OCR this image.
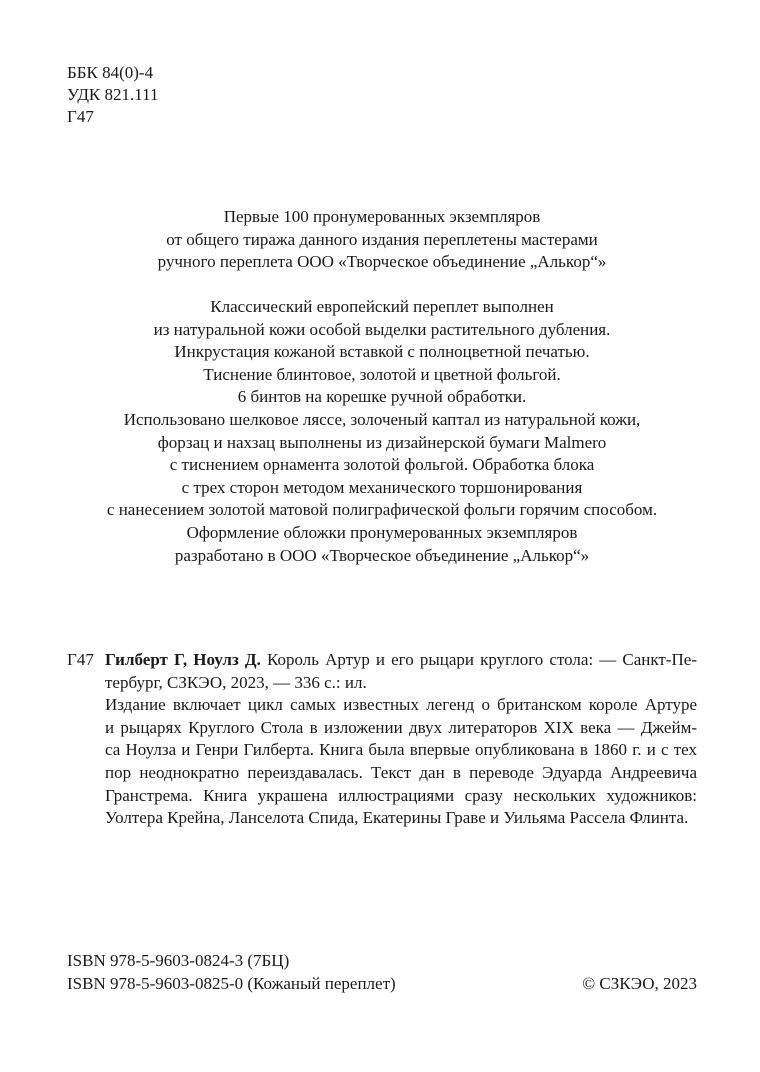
ББК 84(0)-4
УДК 821.111
Г47
Первые 100 пронумерованных экземпляров
от общего тиража данного издания переплетены мастерами
ручного переплета ООО «Творческое объединение „Алькор“»
Классический европейский переплет выполнен
из натуральной кожи особой выделки растительного дубления.
Инкрустация кожаной вставкой с полноцветной печатью.
Тиснение блинтовое, золотой и цветной фольгой.
6 бинтов на корешке ручной обработки.
Использовано шелковое ляссе, золоченый каптал из натуральной кожи,
форзац и нахзац выполнены из дизайнерской бумаги Malmero
с тиснением орнамента золотой фольгой. Обработка блока
с трех сторон методом механического торшонирования
с нанесением золотой матовой полиграфической фольги горячим способом.
Оформление обложки пронумерованных экземпляров
разработано в ООО «Творческое объединение „Алькор“»
Г47 Гилберт Г, Ноулз Д. Король Артур и его рыцари круглого стола: — Санкт-Пе-
тербург, СЗКЭО, 2023, — 336 с.: ил.
Издание включает цикл самых известных легенд о британском короле Артуре
и рыцарях Круглого Стола в изложении двух литераторов XIX века — Джейм-
са Ноулза и Генри Гилберта. Книга была впервые опубликована в 1860 г. и с тех
пор неоднократно переиздавалась. Текст дан в переводе Эдуарда Андреевича
Гранстрема. Книга украшена иллюстрациями сразу нескольких художников:
Уолтера Крейна, Ланселота Спида, Екатерины Граве и Уильяма Рассела Флинта.
ISBN 978-5-9603-0824-3 (7БЦ)
ISBN 978-5-9603-0825-0 (Кожаный переплет)	© СЗКЭО, 2023
